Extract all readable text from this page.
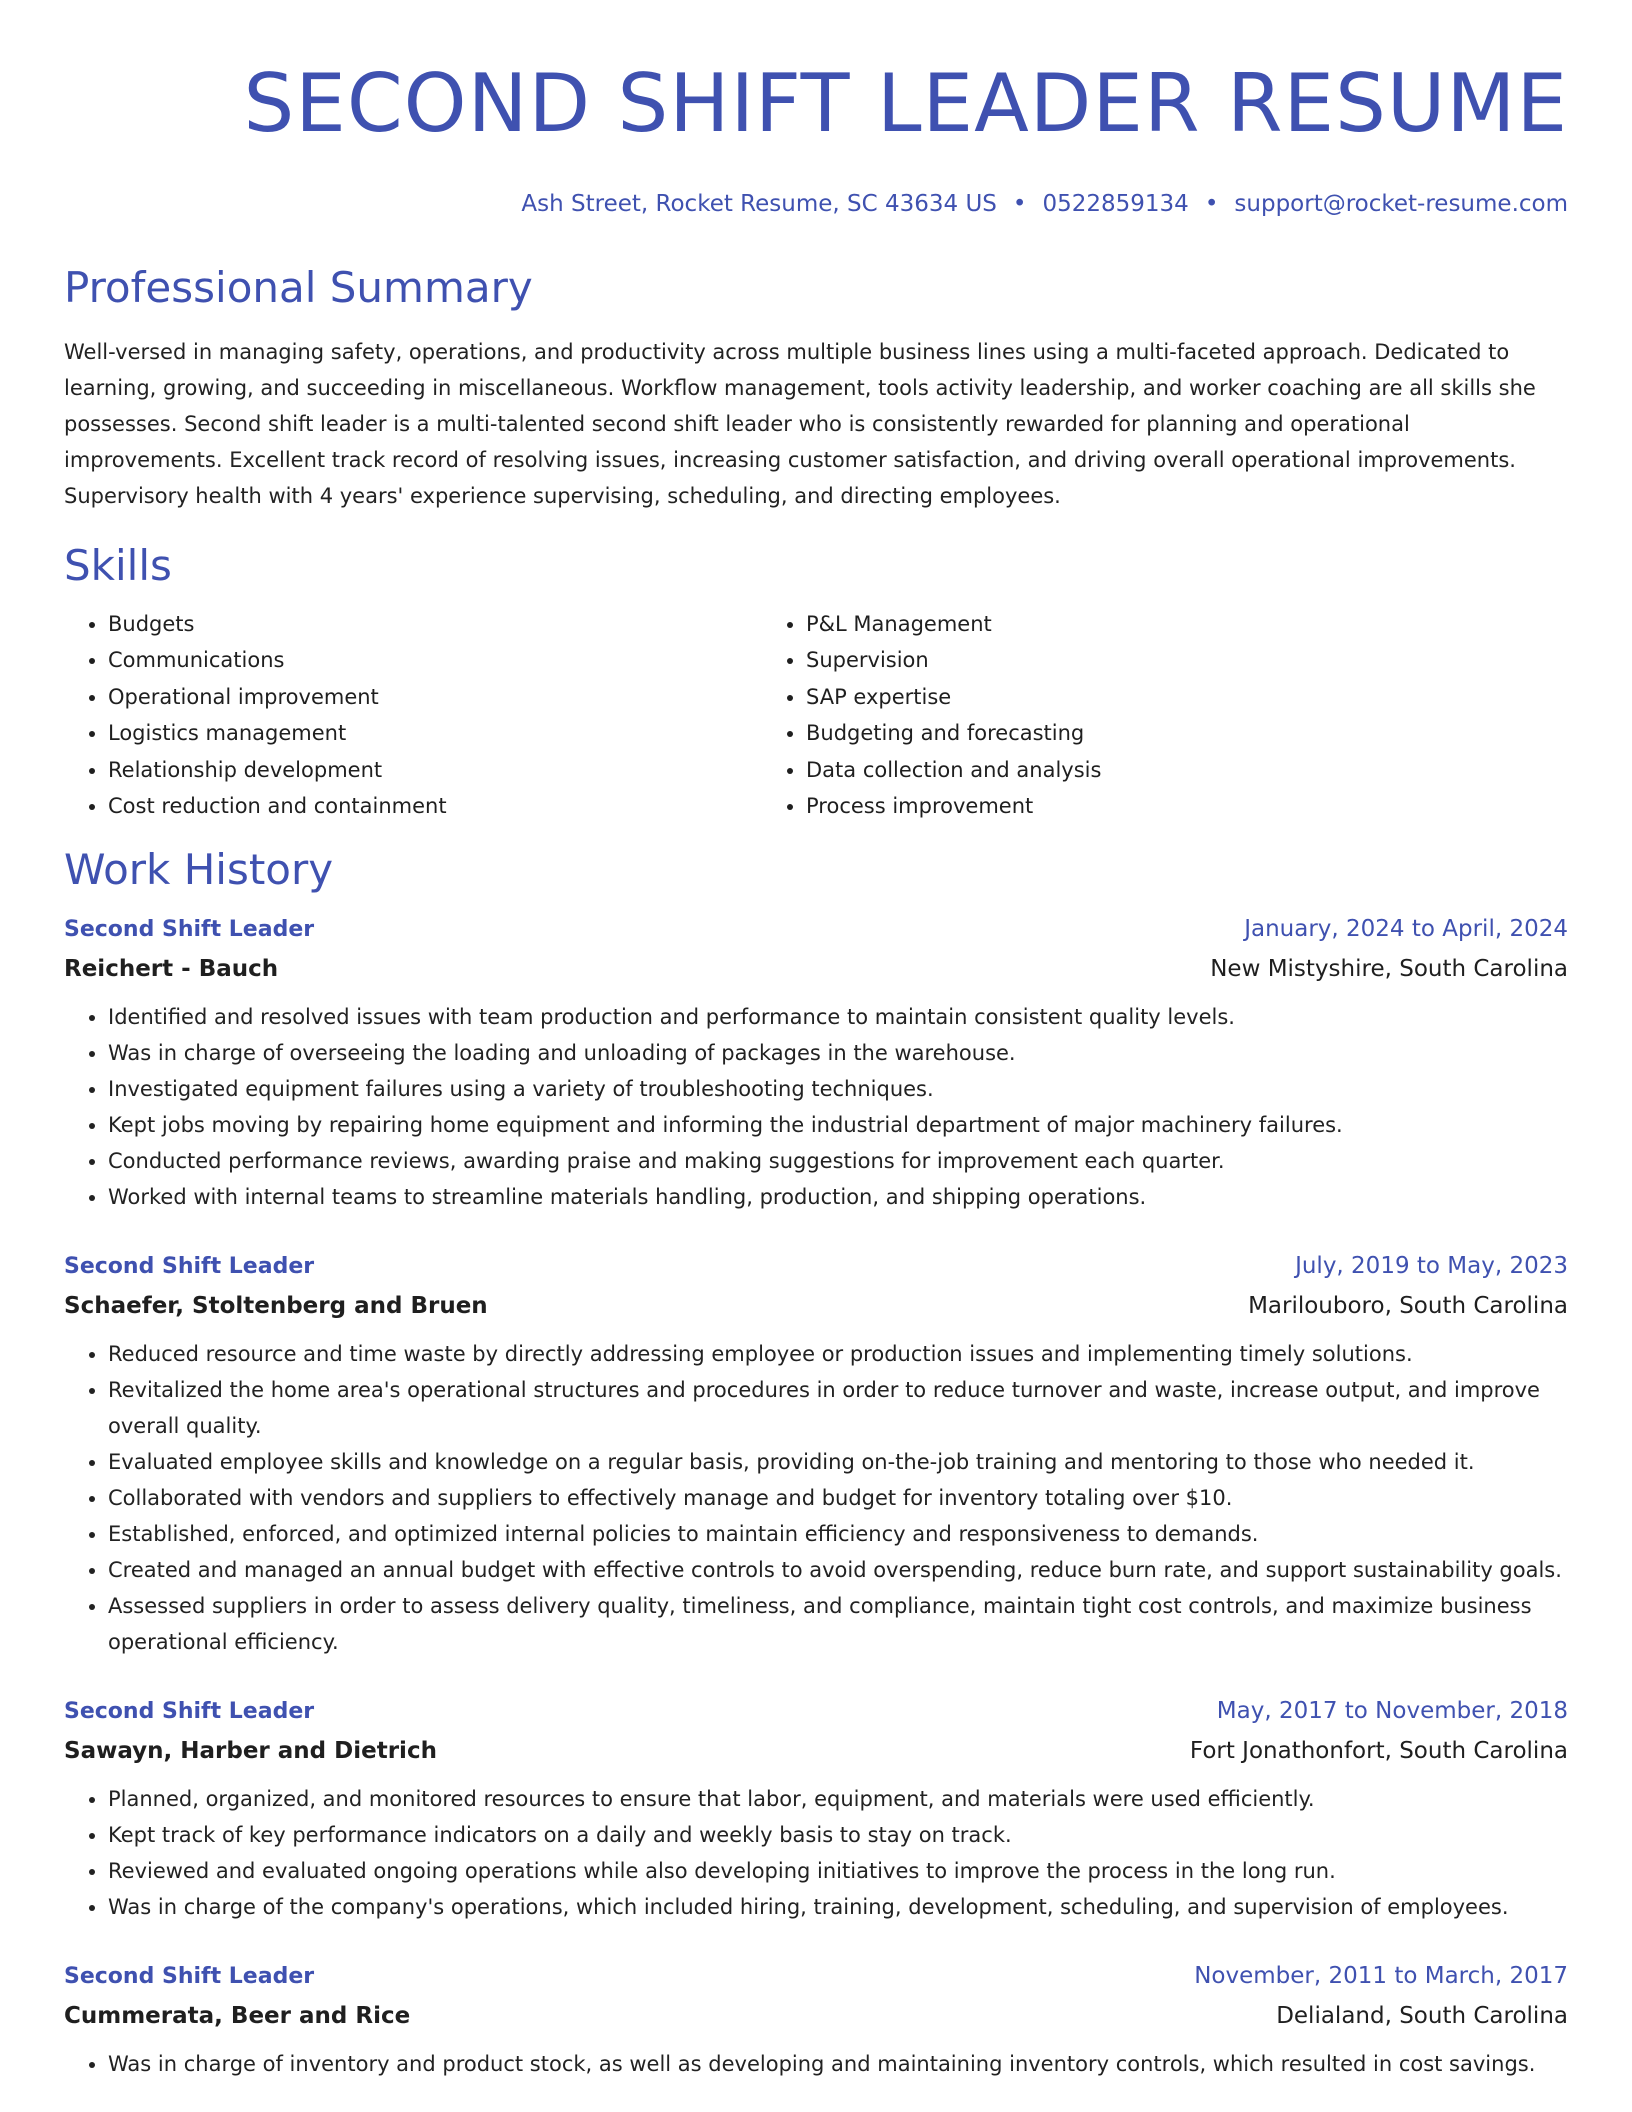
SECOND SHIFT LEADER RESUME
Ash Street, Rocket Resume, SC 43634 US • 0522859134 • support@rocket-resume.com
Professional Summary

Well-versed in managing safety, operations, and productivity across multiple business lines using a multi-faceted approach. Dedicated to learning, growing, and succeeding in miscellaneous. Workflow management, tools activity leadership, and worker coaching are all skills she possesses. Second shift leader is a multi-talented second shift leader who is consistently rewarded for planning and operational improvements. Excellent track record of resolving issues, increasing customer satisfaction, and driving overall operational improvements. Supervisory health with 4 years' experience supervising, scheduling, and directing employees.

Skills
• Budgets
• Communications
• Operational improvement
• Logistics management
• Relationship development
• Cost reduction and containment
• P&L Management
• Supervision
• SAP expertise
• Budgeting and forecasting
• Data collection and analysis
• Process improvement
Work History
Second Shift Leader	January, 2024 to April, 2024
Reichert - Bauch	New Mistyshire, South Carolina
• Identified and resolved issues with team production and performance to maintain consistent quality levels.
• Was in charge of overseeing the loading and unloading of packages in the warehouse.
• Investigated equipment failures using a variety of troubleshooting techniques.
• Kept jobs moving by repairing home equipment and informing the industrial department of major machinery failures.
• Conducted performance reviews, awarding praise and making suggestions for improvement each quarter.
• Worked with internal teams to streamline materials handling, production, and shipping operations.
Second Shift Leader	July, 2019 to May, 2023
Schaefer, Stoltenberg and Bruen	Marilouboro, South Carolina
• Reduced resource and time waste by directly addressing employee or production issues and implementing timely solutions.
• Revitalized the home area's operational structures and procedures in order to reduce turnover and waste, increase output, and improve overall quality.
• Evaluated employee skills and knowledge on a regular basis, providing on-the-job training and mentoring to those who needed it.
• Collaborated with vendors and suppliers to effectively manage and budget for inventory totaling over $10.
• Established, enforced, and optimized internal policies to maintain efficiency and responsiveness to demands.
• Created and managed an annual budget with effective controls to avoid overspending, reduce burn rate, and support sustainability goals.
• Assessed suppliers in order to assess delivery quality, timeliness, and compliance, maintain tight cost controls, and maximize business operational efficiency.
Second Shift Leader	May, 2017 to November, 2018
Sawayn, Harber and Dietrich	Fort Jonathonfort, South Carolina
• Planned, organized, and monitored resources to ensure that labor, equipment, and materials were used efficiently.
• Kept track of key performance indicators on a daily and weekly basis to stay on track.
• Reviewed and evaluated ongoing operations while also developing initiatives to improve the process in the long run.
• Was in charge of the company's operations, which included hiring, training, development, scheduling, and supervision of employees.
Second Shift Leader	November, 2011 to March, 2017
Cummerata, Beer and Rice	Delialand, South Carolina
• Was in charge of inventory and product stock, as well as developing and maintaining inventory controls, which resulted in cost savings.
